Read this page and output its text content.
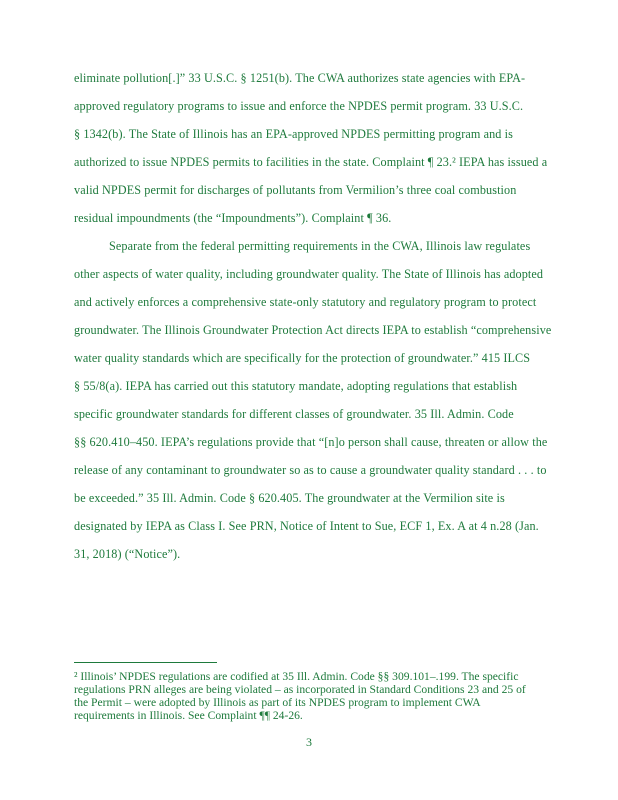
eliminate pollution[.]” 33 U.S.C. § 1251(b). The CWA authorizes state agencies with EPA-
approved regulatory programs to issue and enforce the NPDES permit program. 33 U.S.C.
§ 1342(b). The State of Illinois has an EPA-approved NPDES permitting program and is
authorized to issue NPDES permits to facilities in the state. Complaint ¶ 23.² IEPA has issued a
valid NPDES permit for discharges of pollutants from Vermilion’s three coal combustion
residual impoundments (the “Impoundments”). Complaint ¶ 36.
Separate from the federal permitting requirements in the CWA, Illinois law regulates
other aspects of water quality, including groundwater quality. The State of Illinois has adopted
and actively enforces a comprehensive state-only statutory and regulatory program to protect
groundwater. The Illinois Groundwater Protection Act directs IEPA to establish “comprehensive
water quality standards which are specifically for the protection of groundwater.” 415 ILCS
§ 55/8(a). IEPA has carried out this statutory mandate, adopting regulations that establish
specific groundwater standards for different classes of groundwater. 35 Ill. Admin. Code
§§ 620.410–450. IEPA’s regulations provide that “[n]o person shall cause, threaten or allow the
release of any contaminant to groundwater so as to cause a groundwater quality standard . . . to
be exceeded.” 35 Ill. Admin. Code § 620.405. The groundwater at the Vermilion site is
designated by IEPA as Class I. See PRN, Notice of Intent to Sue, ECF 1, Ex. A at 4 n.28 (Jan.
31, 2018) (“Notice”).
² Illinois’ NPDES regulations are codified at 35 Ill. Admin. Code §§ 309.101–.199. The specific
regulations PRN alleges are being violated – as incorporated in Standard Conditions 23 and 25 of
the Permit – were adopted by Illinois as part of its NPDES program to implement CWA
requirements in Illinois. See Complaint ¶¶ 24-26.
3
